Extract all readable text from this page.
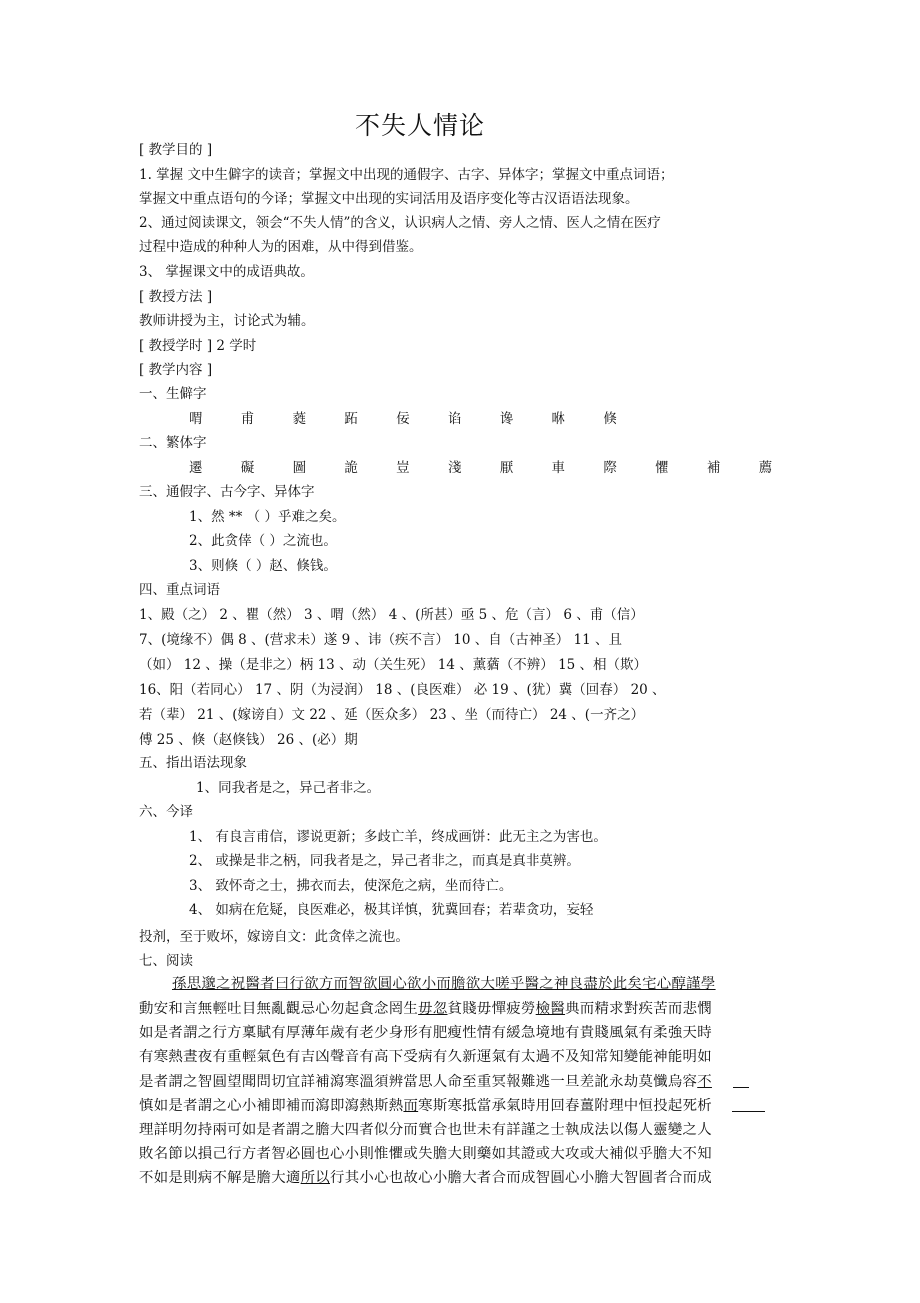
不失人情论
[ 教学目的 ]
1. 掌握 文中生僻字的读音；掌握文中出现的通假字、古字、异体字；掌握文中重点词语；
掌握文中重点语句的今译；掌握文中出现的实词活用及语序变化等古汉语语法现象。
2、通过阅读课文，领会“不失人情”的含义，认识病人之情、旁人之情、医人之情在医疗
过程中造成的种种人为的困难，从中得到借鉴。
3、 掌握课文中的成语典故。
[ 教授方法 ]
教师讲授为主，讨论式为辅。
[ 教授学时 ] 2 学时
[ 教学内容 ]
一、生僻字
喟 甫 蕤 跖 佞 谄 谗 咻 倏
二、繁体字
遷 礙 圖 詭 豈 淺 厭 車 際 懼 補 薦
三、通假字、古今字、异体字
1、然 ** （ ）乎难之矣。
2、此贪倖（ ）之流也。
3、则倏（ ）赵、倏钱。
四、重点词语
1、殿（之） 2 、瞿（然） 3 、喟（然） 4 、(所甚）亟 5 、危（言） 6 、甫（信）
7、(境缘不）偶 8 、(营求未）遂 9 、讳（疾不言） 10 、自（古神圣） 11 、且
（如） 12 、操（是非之）柄 13 、动（关生死） 14 、薰蕕（不辨） 15 、相（欺）
16、阳（若同心） 17 、阴（为浸润） 18 、(良医难） 必 19 、(犹）冀（回春） 20 、
若（辈） 21 、(嫁谤自）文 22 、延（医众多） 23 、坐（而待亡） 24 、(一齐之）
傅 25 、倏（赵倏钱） 26 、(必）期
五、指出语法现象
1、同我者是之，异己者非之。
六、今译
1、 有良言甫信，谬说更新；多歧亡羊，终成画饼：此无主之为害也。
2、 或操是非之柄，同我者是之，异己者非之，而真是真非莫辨。
3、 致怀奇之士，拂衣而去，使深危之病，坐而待亡。
4、 如病在危疑，良医难必，极其详慎，犹冀回春；若辈贪功，妄轻
投剂，至于败坏，嫁谤自文：此贪倖之流也。
七、阅读
孫思邈之祝醫者曰行欲方而智欲圓心欲小而膽欲大嗟乎醫之神良盡於此矣宅心醇謹學
動安和言無輕吐目無亂觀忌心勿起貪念罔生毋忽貧賤毋憚疲勞檢醫典而精求對疾苦而悲憫
如是者謂之行方稟賦有厚薄年歲有老少身形有肥瘦性情有緩急境地有貴賤風氣有柔強天時
有寒熱晝夜有重輕氣色有吉凶聲音有高下受病有久新運氣有太過不及知常知變能神能明如
是者謂之智圓望聞問切宜詳補瀉寒溫須辨當思人命至重冥報難逃一旦差訛永劫莫懺烏容不
慎如是者謂之心小補即補而瀉即瀉熱斯熱而寒斯寒抵當承氣時用回春薑附理中恒投起死析
理詳明勿持兩可如是者謂之膽大四者似分而實合也世未有詳謹之士執成法以傷人靈變之人
敗名節以損己行方者智必圓也心小則惟懼或失膽大則藥如其證或大攻或大補似乎膽大不知
不如是則病不解是膽大適所以行其小心也故心小膽大者合而成智圓心小膽大智圓者合而成
